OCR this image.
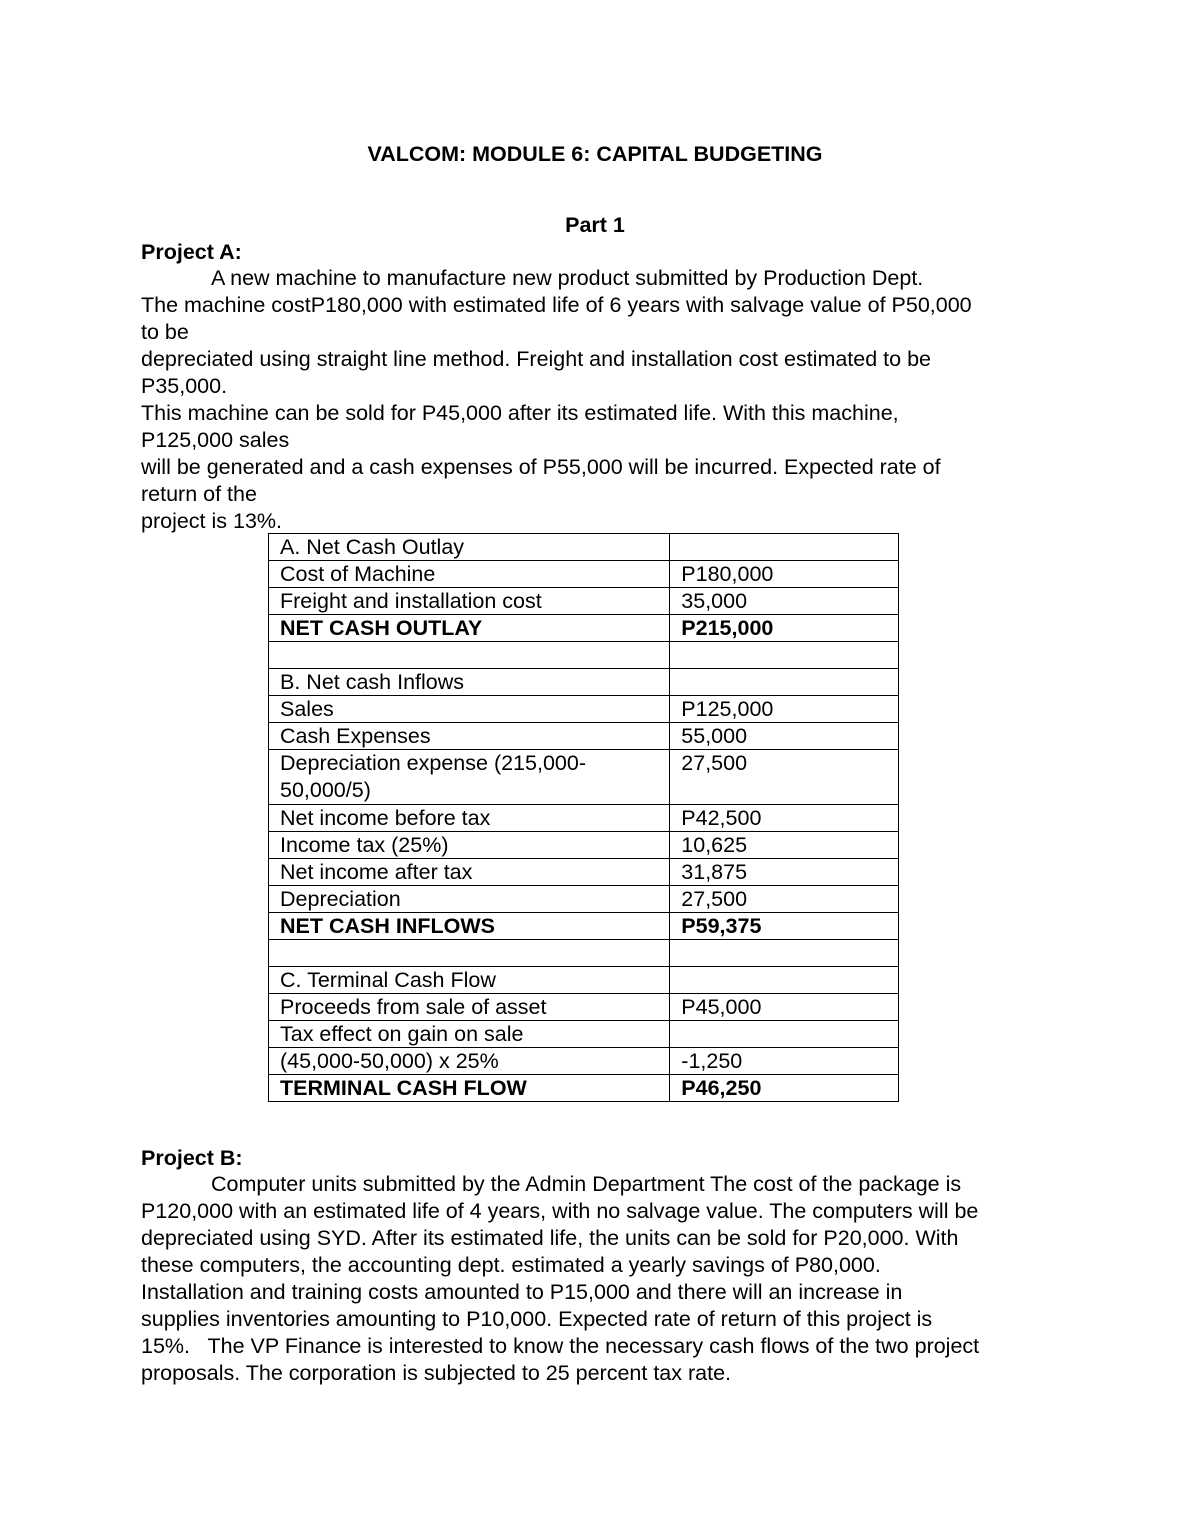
VALCOM: MODULE 6: CAPITAL BUDGETING
Part 1
Project A:
A new machine to manufacture new product submitted by Production Dept.
The machine costP180,000 with estimated life of 6 years with salvage value of P50,000
to be
depreciated using straight line method. Freight and installation cost estimated to be
P35,000.
This machine can be sold for P45,000 after its estimated life. With this machine,
P125,000 sales
will be generated and a cash expenses of P55,000 will be incurred. Expected rate of
return of the
project is 13%.
A. Net Cash Outlay	
Cost of Machine	P180,000
Freight and installation cost	35,000
NET CASH OUTLAY	P215,000

B. Net cash Inflows	
Sales	P125,000
Cash Expenses	55,000
Depreciation expense (215,000-50,000/5)	27,500
Net income before tax	P42,500
Income tax (25%)	10,625
Net income after tax	31,875
Depreciation	27,500
NET CASH INFLOWS	P59,375

C. Terminal Cash Flow	
Proceeds from sale of asset	P45,000
Tax effect on gain on sale	
(45,000-50,000) x 25%	-1,250
TERMINAL CASH FLOW	P46,250
Project B:
Computer units submitted by the Admin Department The cost of the package is
P120,000 with an estimated life of 4 years, with no salvage value. The computers will be
depreciated using SYD. After its estimated life, the units can be sold for P20,000. With
these computers, the accounting dept. estimated a yearly savings of P80,000.
Installation and training costs amounted to P15,000 and there will an increase in
supplies inventories amounting to P10,000. Expected rate of return of this project is
15%.   The VP Finance is interested to know the necessary cash flows of the two project
proposals. The corporation is subjected to 25 percent tax rate.
